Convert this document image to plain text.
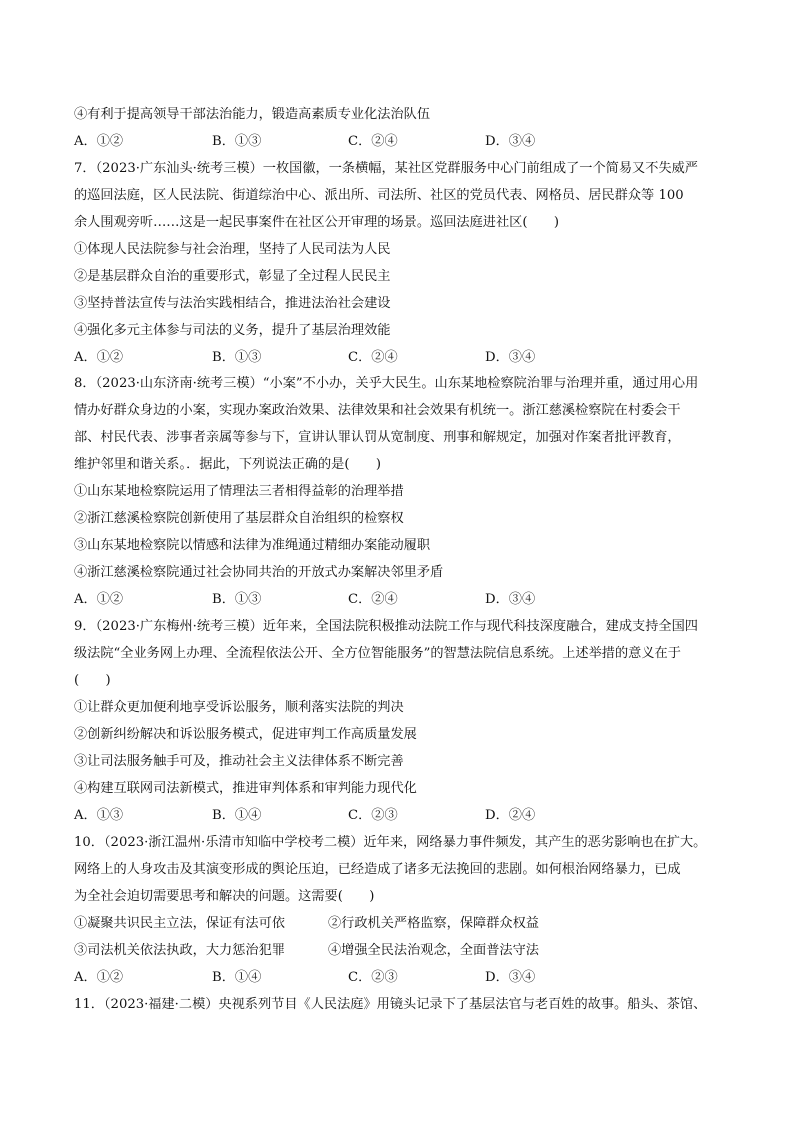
④有利于提高领导干部法治能力，锻造高素质专业化法治队伍
A．①②	B．①③	C．②④	D．③④
7．（2023·广东汕头·统考三模）一枚国徽，一条横幅，某社区党群服务中心门前组成了一个简易又不失威严
的巡回法庭，区人民法院、街道综治中心、派出所、司法所、社区的党员代表、网格员、居民群众等 100
余人围观旁听……这是一起民事案件在社区公开审理的场景。巡回法庭进社区(　　)
①体现人民法院参与社会治理，坚持了人民司法为人民
②是基层群众自治的重要形式，彰显了全过程人民民主
③坚持普法宣传与法治实践相结合，推进法治社会建设
④强化多元主体参与司法的义务，提升了基层治理效能
A．①②	B．①③	C．②④	D．③④
8．（2023·山东济南·统考三模）“小案”不小办，关乎大民生。山东某地检察院治罪与治理并重，通过用心用
情办好群众身边的小案，实现办案政治效果、法律效果和社会效果有机统一。浙江慈溪检察院在村委会干
部、村民代表、涉事者亲属等参与下，宣讲认罪认罚从宽制度、刑事和解规定，加强对作案者批评教育，
维护邻里和谐关系。．据此，下列说法正确的是(　　)
①山东某地检察院运用了情理法三者相得益彰的治理举措
②浙江慈溪检察院创新使用了基层群众自治组织的检察权
③山东某地检察院以情感和法律为准绳通过精细办案能动履职
④浙江慈溪检察院通过社会协同共治的开放式办案解决邻里矛盾
A．①②	B．①③	C．②④	D．③④
9．（2023·广东梅州·统考三模）近年来，全国法院积极推动法院工作与现代科技深度融合，建成支持全国四
级法院“全业务网上办理、全流程依法公开、全方位智能服务”的智慧法院信息系统。上述举措的意义在于
(　　)
①让群众更加便利地享受诉讼服务，顺利落实法院的判决
②创新纠纷解决和诉讼服务模式，促进审判工作高质量发展
③让司法服务触手可及，推动社会主义法律体系不断完善
④构建互联网司法新模式，推进审判体系和审判能力现代化
A．①③	B．①④	C．②③	D．②④
10．（2023·浙江温州·乐清市知临中学校考二模）近年来，网络暴力事件频发，其产生的恶劣影响也在扩大。
网络上的人身攻击及其演变形成的舆论压迫，已经造成了诸多无法挽回的悲剧。如何根治网络暴力，已成
为全社会迫切需要思考和解决的问题。这需要(　　)
①凝聚共识民主立法，保证有法可依	②行政机关严格监察，保障群众权益
③司法机关依法执政，大力惩治犯罪	④增强全民法治观念，全面普法守法
A．①②	B．①④	C．②③	D．③④
11．（2023·福建·二模）央视系列节目《人民法庭》用镜头记录下了基层法官与老百姓的故事。船头、茶馆、
